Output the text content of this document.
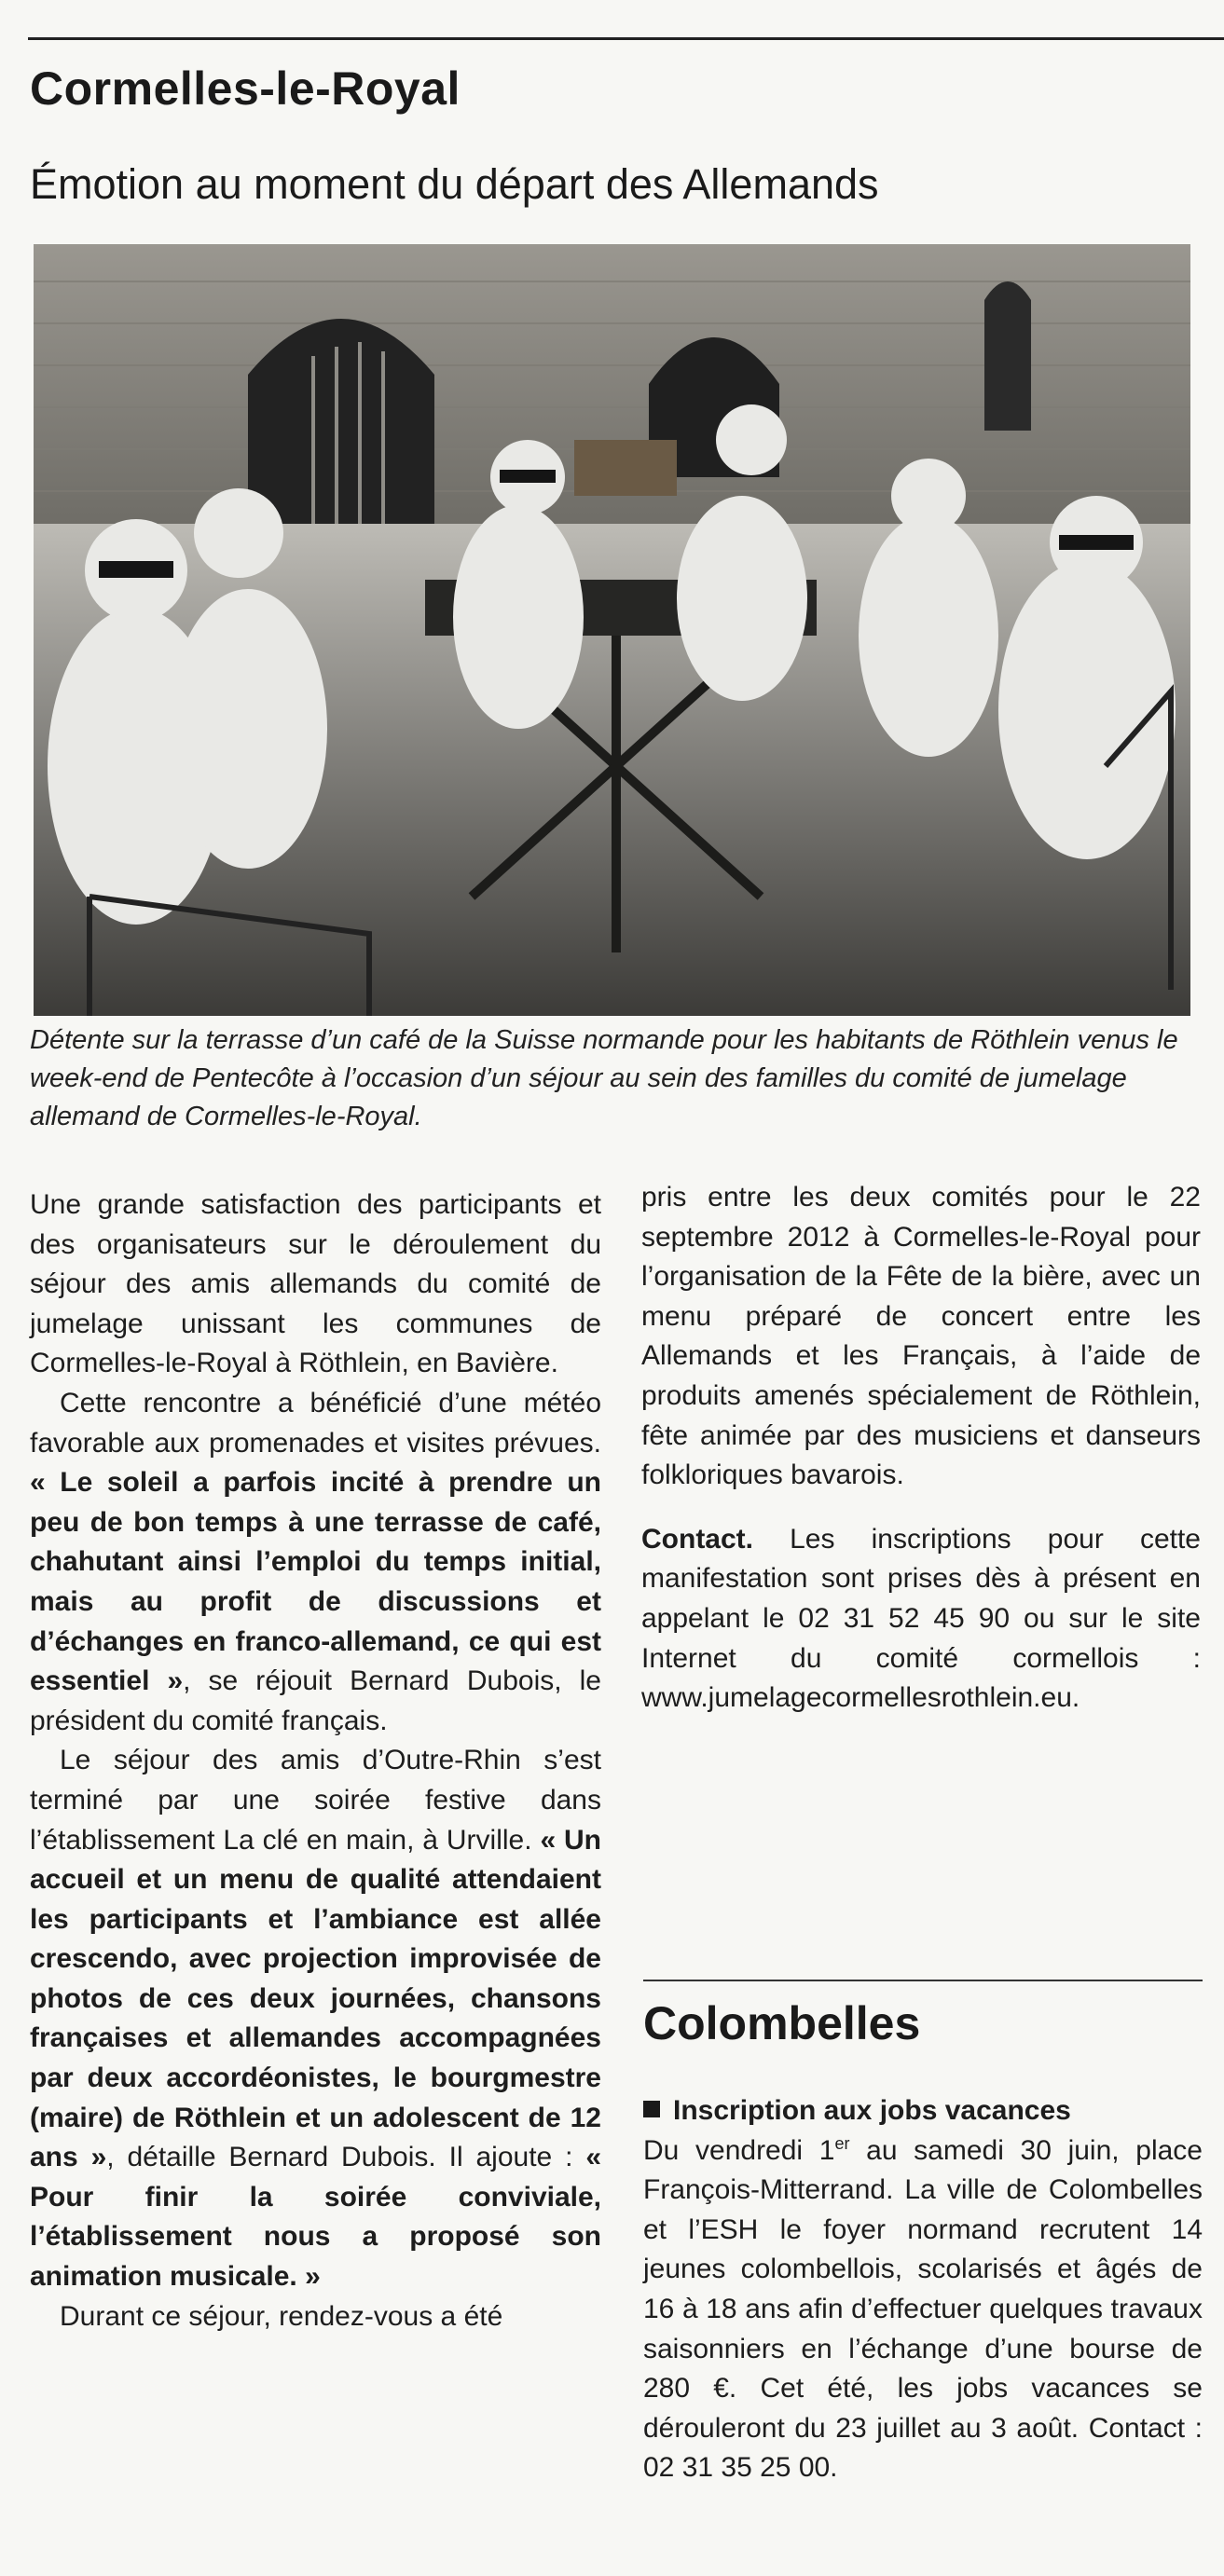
Cormelles-le-Royal
Émotion au moment du départ des Allemands
Détente sur la terrasse d’un café de la Suisse normande pour les habitants de Röthlein venus le week-end de Pentecôte à l’occasion d’un séjour au sein des familles du comité de jumelage allemand de Cormelles-le-Royal.

Une grande satisfaction des participants et des organisateurs sur le déroulement du séjour des amis allemands du comité de jumelage unissant les communes de Cormelles-le-Royal à Röthlein, en Bavière.

Cette rencontre a bénéficié d’une météo favorable aux promenades et visites prévues. « Le soleil a parfois incité à prendre un peu de bon temps à une terrasse de café, chahutant ainsi l’emploi du temps initial, mais au profit de discussions et d’échanges en franco-allemand, ce qui est essentiel », se réjouit Bernard Dubois, le président du comité français.

Le séjour des amis d’Outre-Rhin s’est terminé par une soirée festive dans l’établissement La clé en main, à Urville. « Un accueil et un menu de qualité attendaient les participants et l’ambiance est allée crescendo, avec projection improvisée de photos de ces deux journées, chansons françaises et allemandes accompagnées par deux accordéonistes, le bourgmestre (maire) de Röthlein et un adolescent de 12 ans », détaille Bernard Dubois. Il ajoute : « Pour finir la soirée conviviale, l’établissement nous a proposé son animation musicale. »

Durant ce séjour, rendez-vous a été

pris entre les deux comités pour le 22 septembre 2012 à Cormelles-le-Royal pour l’organisation de la Fête de la bière, avec un menu préparé de concert entre les Allemands et les Français, à l’aide de produits amenés spécialement de Röthlein, fête animée par des musiciens et danseurs folkloriques bavarois.

Contact. Les inscriptions pour cette manifestation sont prises dès à présent en appelant le 02 31 52 45 90 ou sur le site Internet du comité cormellois : www.jumelagecormellesrothlein.eu.

Colombelles

Inscription aux jobs vacances

Du vendredi 1er au samedi 30 juin, place François-Mitterrand. La ville de Colombelles et l’ESH le foyer normand recrutent 14 jeunes colombellois, scolarisés et âgés de 16 à 18 ans afin d’effectuer quelques travaux saisonniers en l’échange d’une bourse de 280 €. Cet été, les jobs vacances se dérouleront du 23 juillet au 3 août. Contact : 02 31 35 25 00.
